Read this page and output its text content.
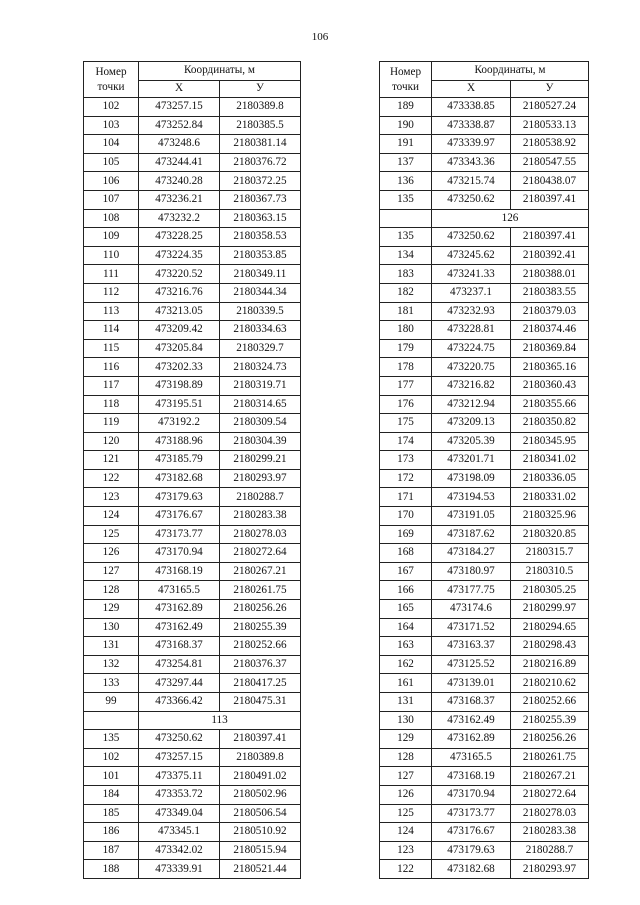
106
Номер
точки	Координаты, м	
	X	У
102	473257.15	2180389.8
103	473252.84	2180385.5
104	473248.6	2180381.14
105	473244.41	2180376.72
106	473240.28	2180372.25
107	473236.21	2180367.73
108	473232.2	2180363.15
109	473228.25	2180358.53
110	473224.35	2180353.85
111	473220.52	2180349.11
112	473216.76	2180344.34
113	473213.05	2180339.5
114	473209.42	2180334.63
115	473205.84	2180329.7
116	473202.33	2180324.73
117	473198.89	2180319.71
118	473195.51	2180314.65
119	473192.2	2180309.54
120	473188.96	2180304.39
121	473185.79	2180299.21
122	473182.68	2180293.97
123	473179.63	2180288.7
124	473176.67	2180283.38
125	473173.77	2180278.03
126	473170.94	2180272.64
127	473168.19	2180267.21
128	473165.5	2180261.75
129	473162.89	2180256.26
130	473162.49	2180255.39
131	473168.37	2180252.66
132	473254.81	2180376.37
133	473297.44	2180417.25
99	473366.42	2180475.31
	113	
135	473250.62	2180397.41
102	473257.15	2180389.8
101	473375.11	2180491.02
184	473353.72	2180502.96
185	473349.04	2180506.54
186	473345.1	2180510.92
187	473342.02	2180515.94
188	473339.91	2180521.44
Номер
точки	Координаты, м	
	X	У
189	473338.85	2180527.24
190	473338.87	2180533.13
191	473339.97	2180538.92
137	473343.36	2180547.55
136	473215.74	2180438.07
135	473250.62	2180397.41
	126	
135	473250.62	2180397.41
134	473245.62	2180392.41
183	473241.33	2180388.01
182	473237.1	2180383.55
181	473232.93	2180379.03
180	473228.81	2180374.46
179	473224.75	2180369.84
178	473220.75	2180365.16
177	473216.82	2180360.43
176	473212.94	2180355.66
175	473209.13	2180350.82
174	473205.39	2180345.95
173	473201.71	2180341.02
172	473198.09	2180336.05
171	473194.53	2180331.02
170	473191.05	2180325.96
169	473187.62	2180320.85
168	473184.27	2180315.7
167	473180.97	2180310.5
166	473177.75	2180305.25
165	473174.6	2180299.97
164	473171.52	2180294.65
163	473163.37	2180298.43
162	473125.52	2180216.89
161	473139.01	2180210.62
131	473168.37	2180252.66
130	473162.49	2180255.39
129	473162.89	2180256.26
128	473165.5	2180261.75
127	473168.19	2180267.21
126	473170.94	2180272.64
125	473173.77	2180278.03
124	473176.67	2180283.38
123	473179.63	2180288.7
122	473182.68	2180293.97
